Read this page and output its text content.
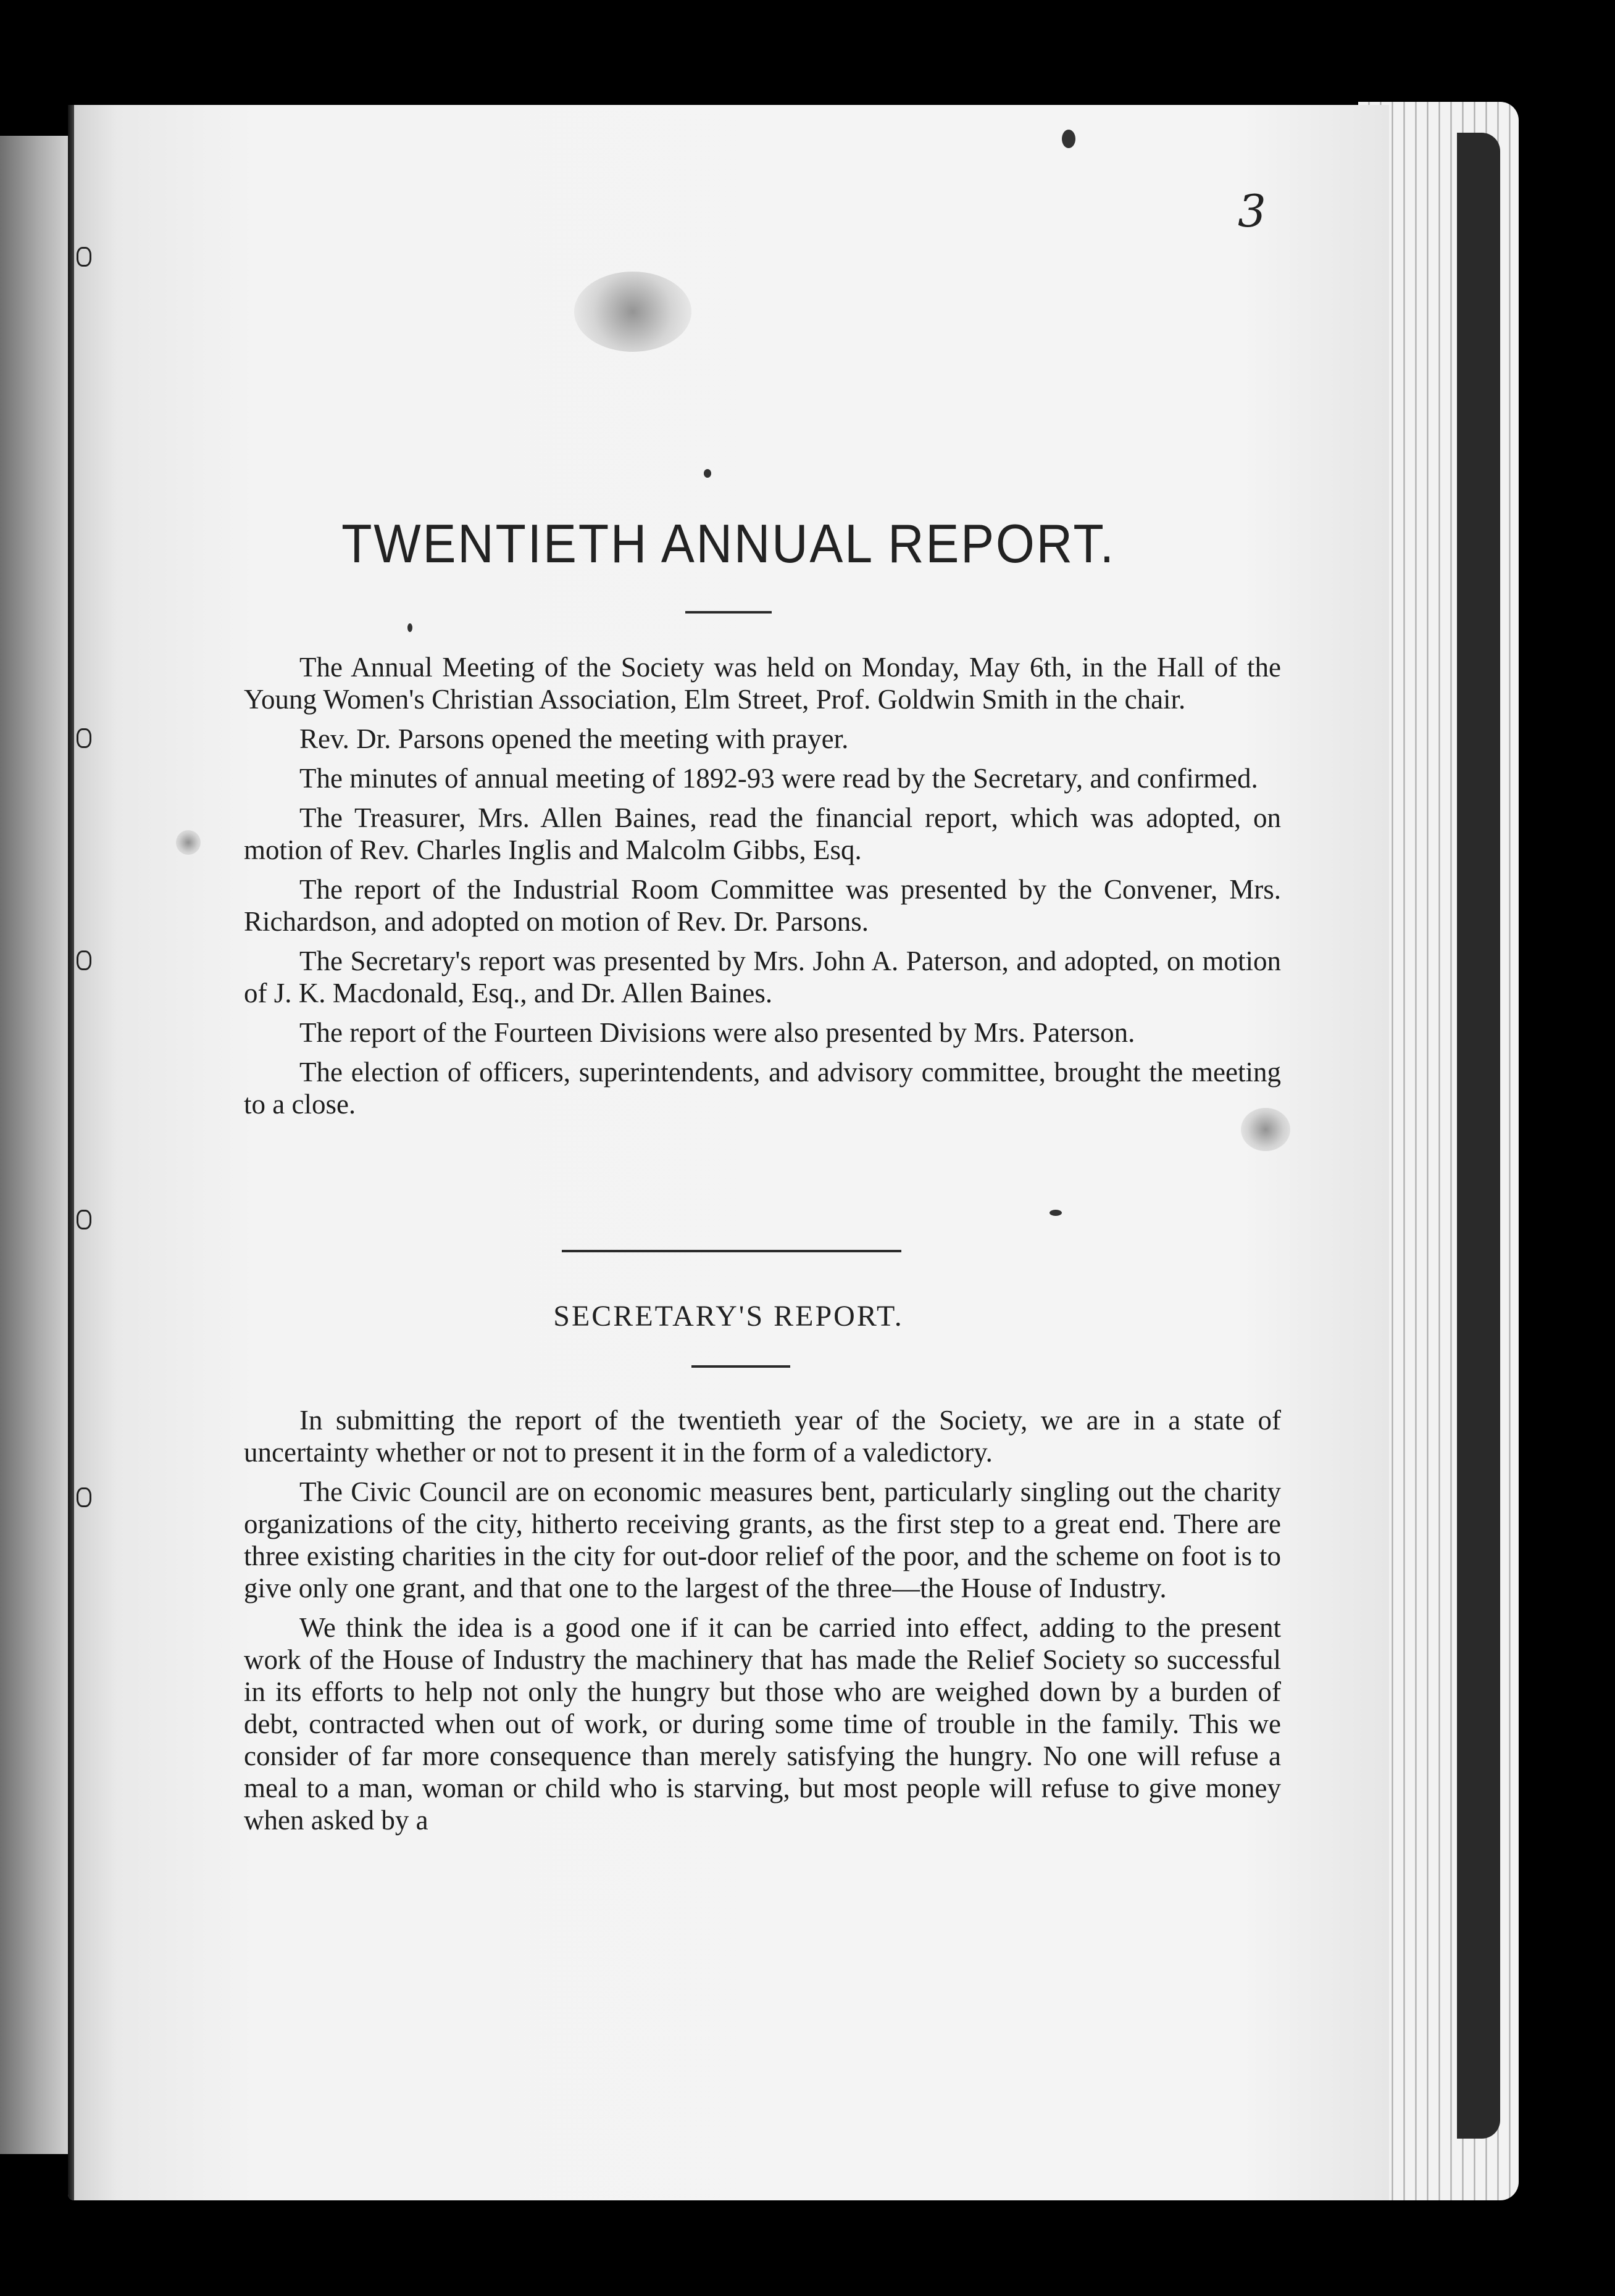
3
TWENTIETH ANNUAL REPORT.

The Annual Meeting of the Society was held on Monday, May 6th, in the Hall of the Young Women's Christian Association, Elm Street, Prof. Goldwin Smith in the chair.

Rev. Dr. Parsons opened the meeting with prayer.

The minutes of annual meeting of 1892-93 were read by the Secretary, and confirmed.

The Treasurer, Mrs. Allen Baines, read the financial report, which was adopted, on motion of Rev. Charles Inglis and Malcolm Gibbs, Esq.

The report of the Industrial Room Committee was presented by the Convener, Mrs. Richardson, and adopted on motion of Rev. Dr. Parsons.

The Secretary's report was presented by Mrs. John A. Paterson, and adopted, on motion of J. K. Macdonald, Esq., and Dr. Allen Baines.

The report of the Fourteen Divisions were also presented by Mrs. Paterson.

The election of officers, superintendents, and advisory committee, brought the meeting to a close.

SECRETARY'S REPORT.

In submitting the report of the twentieth year of the Society, we are in a state of uncertainty whether or not to present it in the form of a valedictory.

The Civic Council are on economic measures bent, particularly singling out the charity organizations of the city, hitherto receiving grants, as the first step to a great end. There are three existing charities in the city for out-door relief of the poor, and the scheme on foot is to give only one grant, and that one to the largest of the three—the House of Industry.

We think the idea is a good one if it can be carried into effect, adding to the present work of the House of Industry the machinery that has made the Relief Society so successful in its efforts to help not only the hungry but those who are weighed down by a burden of debt, contracted when out of work, or during some time of trouble in the family. This we consider of far more consequence than merely satisfying the hungry. No one will refuse a meal to a man, woman or child who is starving, but most people will refuse to give money when asked by a
